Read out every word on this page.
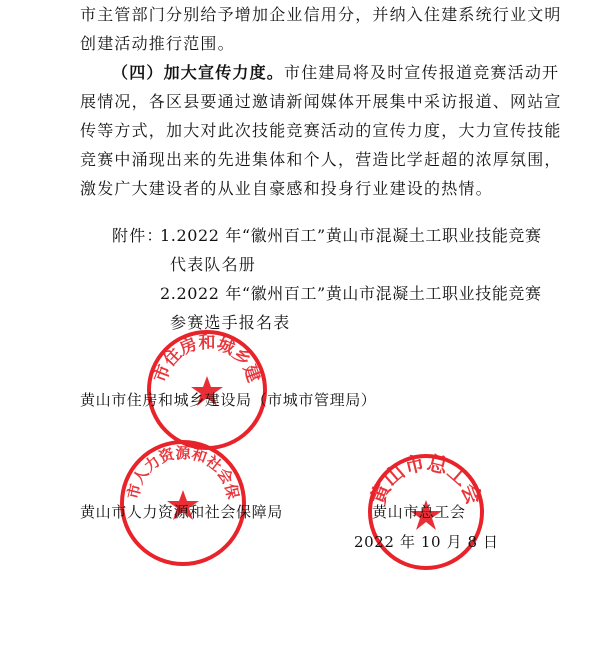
市主管部门分别给予增加企业信用分，并纳入住建系统行业文明
创建活动推行范围。
（四）加大宣传力度。市住建局将及时宣传报道竞赛活动开
展情况，各区县要通过邀请新闻媒体开展集中采访报道、网站宣
传等方式，加大对此次技能竞赛活动的宣传力度，大力宣传技能
竞赛中涌现出来的先进集体和个人，营造比学赶超的浓厚氛围，
激发广大建设者的从业自豪感和投身行业建设的热情。
附件：
1.2022 年“徽州百工”黄山市混凝土工职业技能竞赛
代表队名册
2.2022 年“徽州百工”黄山市混凝土工职业技能竞赛
参赛选手报名表
黄山市住房和城乡建设局
黄山市人力资源和社会保障局
黄山市总工会
黄山市住房和城乡建设局（市城市管理局）
黄山市人力资源和社会保障局	黄山市总工会
2022 年 10 月 8 日
